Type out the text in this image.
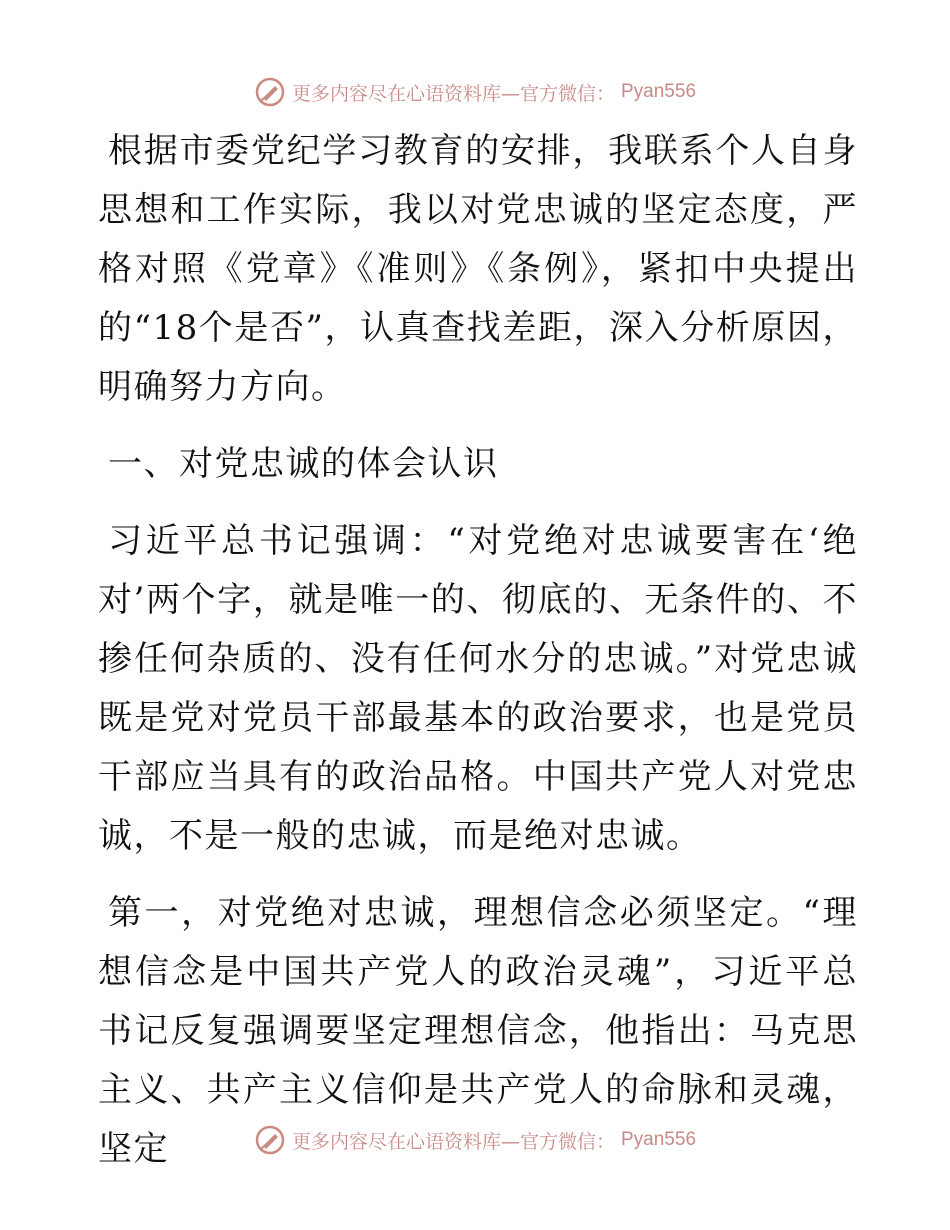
更多内容尽在心语资料库—官方微信： Pyan556

根据市委党纪学习教育的安排，我联系个人自身思想和工作实际，我以对党忠诚的坚定态度，严格对照《党章》《准则》《条例》，紧扣中央提出的“18个是否”，认真查找差距，深入分析原因，明确努力方向。

一、对党忠诚的体会认识

习近平总书记强调：“对党绝对忠诚要害在‘绝对’两个字，就是唯一的、彻底的、无条件的、不掺任何杂质的、没有任何水分的忠诚。”对党忠诚既是党对党员干部最基本的政治要求，也是党员干部应当具有的政治品格。中国共产党人对党忠诚，不是一般的忠诚，而是绝对忠诚。

第一，对党绝对忠诚，理想信念必须坚定。“理想信念是中国共产党人的政治灵魂”，习近平总书记反复强调要坚定理想信念，他指出：马克思主义、共产主义信仰是共产党人的命脉和灵魂，坚定	更多内容尽在心语资料库—官方微信： Pyan556
